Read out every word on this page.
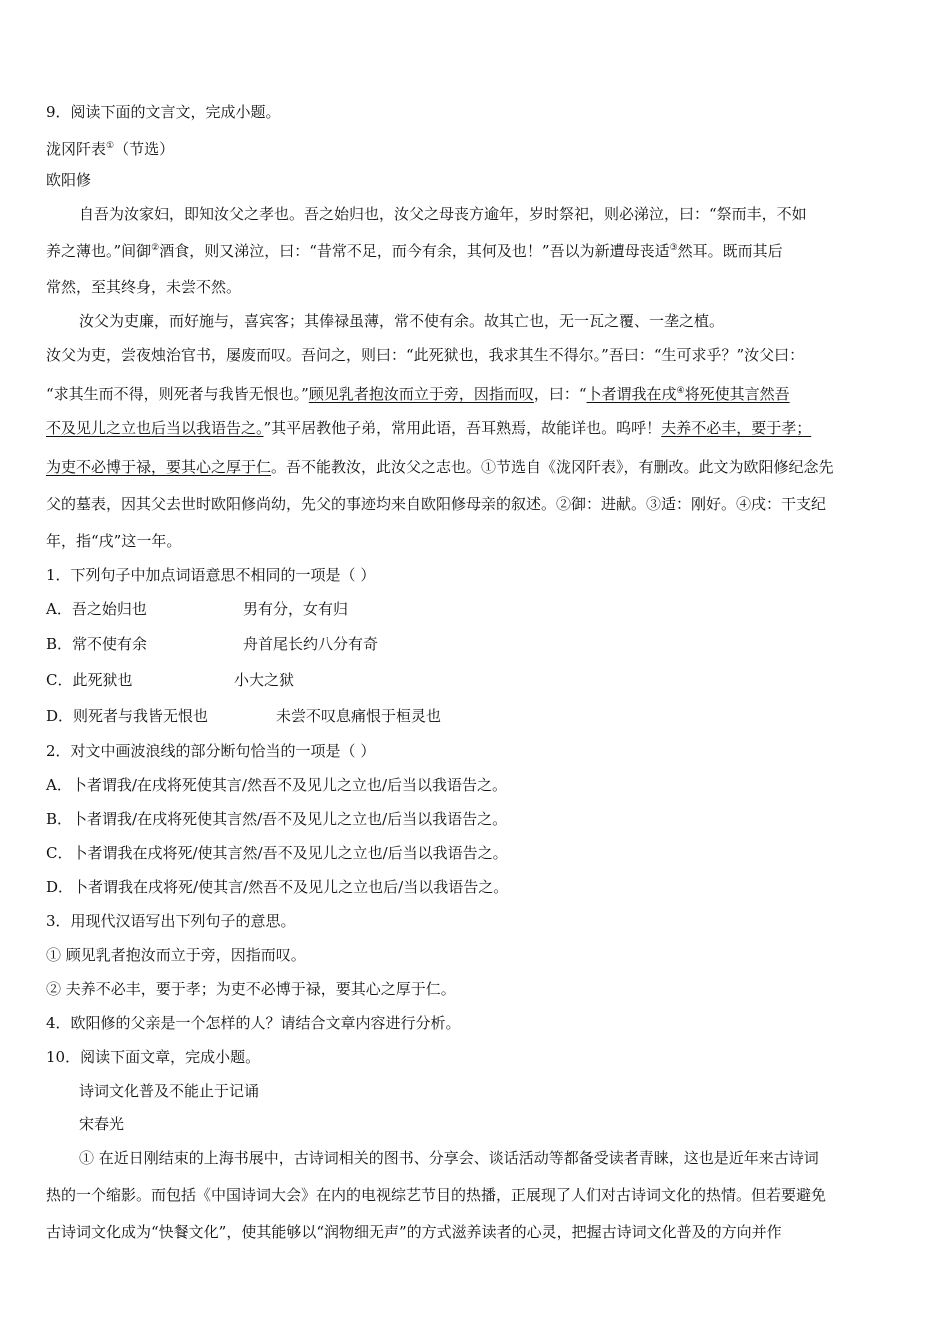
9．阅读下面的文言文，完成小题。
泷冈阡表①（节选）
欧阳修
自吾为汝家妇，即知汝父之孝也。吾之始归也，汝父之母丧方逾年，岁时祭祀，则必涕泣，曰：“祭而丰，不如
养之薄也。”间御②酒食，则又涕泣，曰：“昔常不足，而今有余，其何及也！”吾以为新遭母丧适③然耳。既而其后
常然，至其终身，未尝不然。
汝父为吏廉，而好施与，喜宾客；其俸禄虽薄，常不使有余。故其亡也，无一瓦之覆、一垄之植。
汝父为吏，尝夜烛治官书，屡废而叹。吾问之，则曰：“此死狱也，我求其生不得尔。”吾曰：“生可求乎？”汝父曰：
“求其生而不得，则死者与我皆无恨也。”顾见乳者抱汝而立于旁，因指而叹，曰：“卜者谓我在戌④将死使其言然吾
不及见儿之立也后当以我语告之。”其平居教他子弟，常用此语，吾耳熟焉，故能详也。呜呼！夫养不必丰，要于孝；
为吏不必博于禄，要其心之厚于仁。吾不能教汝，此汝父之志也。①节选自《泷冈阡表》，有删改。此文为欧阳修纪念先
父的墓表，因其父去世时欧阳修尚幼，先父的事迹均来自欧阳修母亲的叙述。②御：进献。③适：刚好。④戌：干支纪
年，指“戌”这一年。
1．下列句子中加点词语意思不相同的一项是（ ）
A．吾之始归也	男有分，女有归
B．常不使有余	舟首尾长约八分有奇
C．此死狱也	小大之狱
D．则死者与我皆无恨也	未尝不叹息痛恨于桓灵也
2．对文中画波浪线的部分断句恰当的一项是（ ）
A．卜者谓我/在戌将死使其言/然吾不及见儿之立也/后当以我语告之。
B．卜者谓我/在戌将死使其言然/吾不及见儿之立也/后当以我语告之。
C．卜者谓我在戌将死/使其言然/吾不及见儿之立也/后当以我语告之。
D．卜者谓我在戌将死/使其言/然吾不及见儿之立也后/当以我语告之。
3．用现代汉语写出下列句子的意思。
① 顾见乳者抱汝而立于旁，因指而叹。
② 夫养不必丰，要于孝；为吏不必博于禄，要其心之厚于仁。
4．欧阳修的父亲是一个怎样的人？请结合文章内容进行分析。
10．阅读下面文章，完成小题。
诗词文化普及不能止于记诵
宋春光
① 在近日刚结束的上海书展中，古诗词相关的图书、分享会、谈话活动等都备受读者青睐，这也是近年来古诗词
热的一个缩影。而包括《中国诗词大会》在内的电视综艺节目的热播，正展现了人们对古诗词文化的热情。但若要避免
古诗词文化成为“快餐文化”，使其能够以“润物细无声”的方式滋养读者的心灵，把握古诗词文化普及的方向并作
